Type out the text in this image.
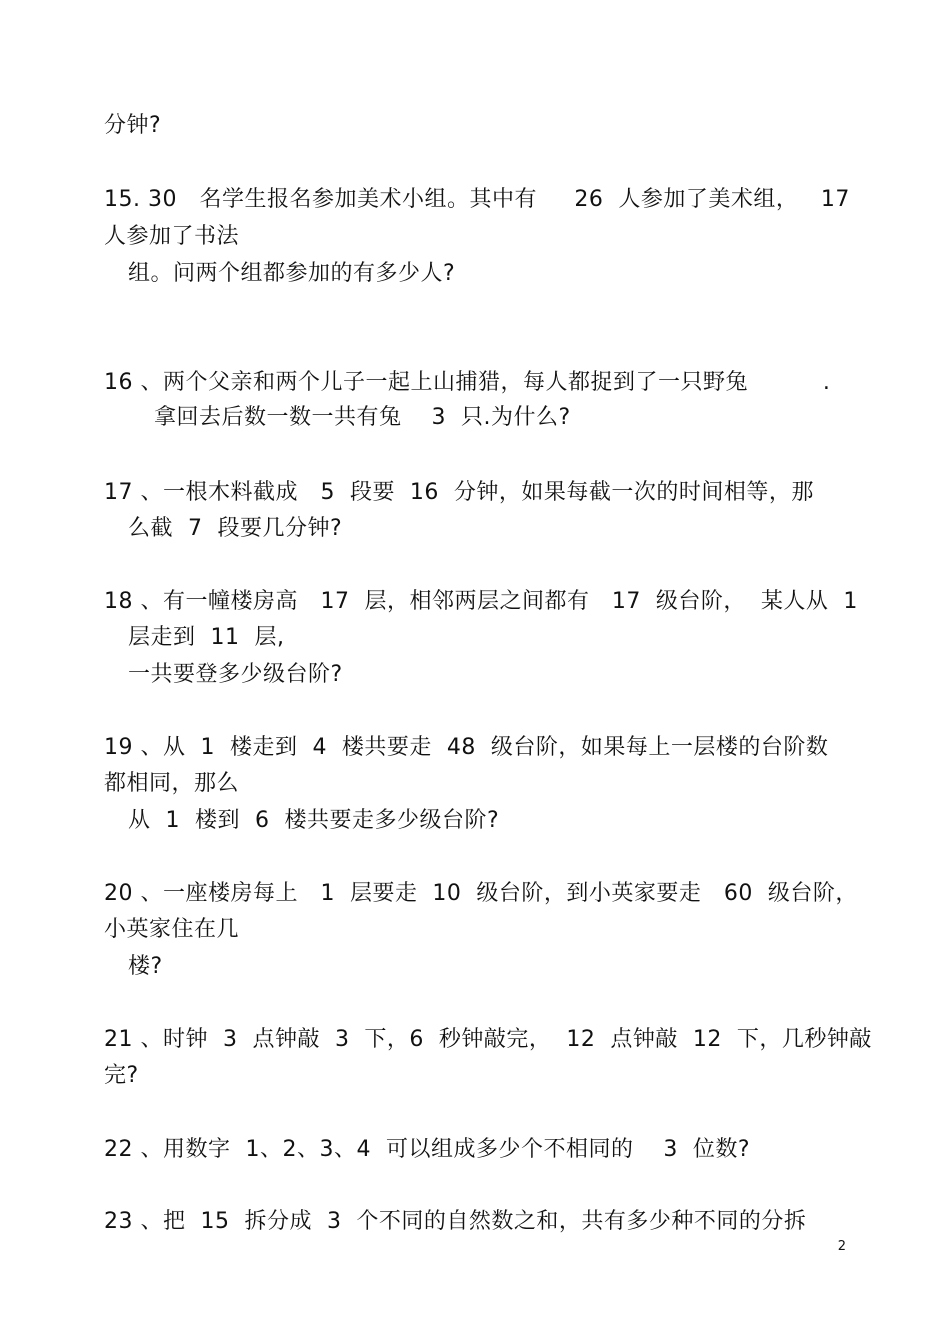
分钟?
15. 30   名学生报名参加美术小组。其中有     26  人参加了美术组，   17
人参加了书法
组。问两个组都参加的有多少人?
16 、两个父亲和两个儿子一起上山捕猎，每人都捉到了一只野兔          .
拿回去后数一数一共有兔    3  只.为什么?
17 、一根木料截成   5  段要  16  分钟，如果每截一次的时间相等，那
么截  7  段要几分钟?
18 、有一幢楼房高   17  层，相邻两层之间都有   17  级台阶，  某人从  1
层走到  11  层,
一共要登多少级台阶?
19 、从  1  楼走到  4  楼共要走  48  级台阶，如果每上一层楼的台阶数
都相同，那么
从  1  楼到  6  楼共要走多少级台阶?
20 、一座楼房每上   1  层要走  10  级台阶，到小英家要走   60  级台阶，
小英家住在几
楼?
21 、时钟  3  点钟敲  3  下，6  秒钟敲完，  12  点钟敲  12  下，几秒钟敲
完?
22 、用数字  1、2、3、4  可以组成多少个不相同的    3  位数?
23 、把  15  拆分成  3  个不同的自然数之和，共有多少种不同的分拆
2
